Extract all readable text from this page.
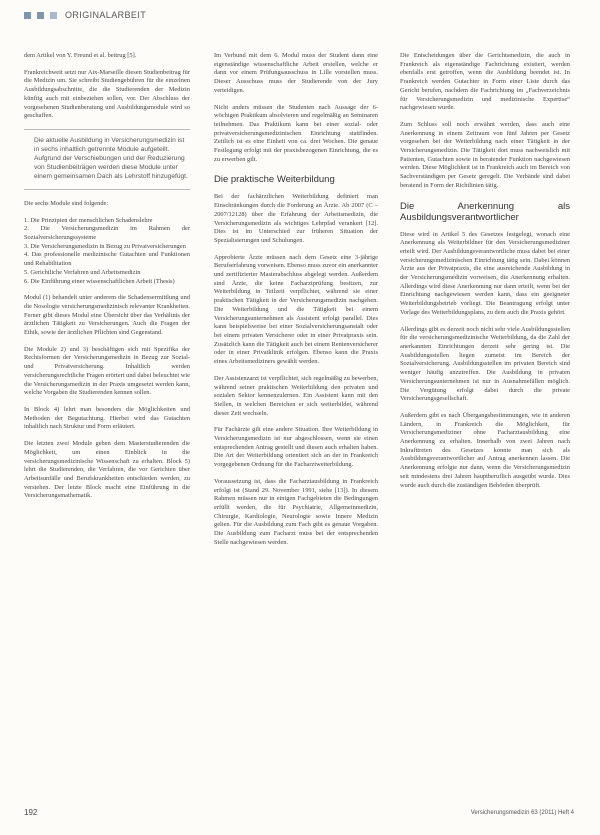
ORIGINALARBEIT

dem Artikel von Y. Freund et al. beitrug [5].

Frankreichweit setzt nur Aix-Marseille diesen Studienbeitrag für die Medizin um. Sie schreibt Studiengebühren für die einzelnen Ausbildungsabschnitte, die die Studierenden der Medizin künftig auch mit einbeziehen sollen, vor. Der Abschluss der vorgesehenen Studienberatung und Ausbildungsmodule wird so geschaffen.

Die aktuelle Ausbildung in Versicherungsmedizin ist in sechs inhaltlich getrennte Module aufgeteilt. Aufgrund der Verschiebungen und der Reduzierung von Studienbeiträgen werden diese Module unter einem gemeinsamen Dach als Lehrstoff hinzugefügt.

Die sechs Module sind folgende:

1. Die Prinzipien der menschlichen Schadenslehre

2. Die Versicherungsmedizin im Rahmen der Sozialversicherungssysteme

3. Die Versicherungsmedizin in Bezug zu Privatversicherungen

4. Das professionelle medizinische Gutachten und Funktionen und Rehabilitation

5. Gerichtliche Verfahren und Arbeitsmedizin

6. Die Einführung einer wissenschaftlichen Arbeit (Thesis)

Modul (1) behandelt unter anderem die Schadensermittlung und die Nosologie versicherungsmedizinisch relevanter Krankheiten. Ferner gibt dieses Modul eine Übersicht über das Verhältnis der ärztlichen Tätigkeit zu Versicherungen. Auch die Fragen der Ethik, sowie der ärztlichen Pflichten sind Gegenstand.

Die Module 2) und 3) beschäftigen sich mit Spezifika der Rechtsformen der Versicherungsmedizin in Bezug zur Sozial- und Privatversicherung. Inhaltlich werden versicherungsrechtliche Fragen erörtert und dabei beleuchtet wie die Versicherungsmedizin in der Praxis umgesetzt werden kann, welche Vorgaben die Studierenden kennen sollen.

In Block 4) lehrt man besonders die Möglichkeiten und Methoden der Begutachtung. Hierbei wird das Gutachten inhaltlich nach Struktur und Form erläutert.

Die letzten zwei Module geben dem Masterstudierenden die Möglichkeit, um einen Einblick in die versicherungsmedizinische Wissenschaft zu erhalten. Block 5) lehrt die Studierenden, die Verfahren, die vor Gerichten über Arbeitsunfälle und Berufskrankheiten entschieden werden, zu verstehen. Der letzte Block macht eine Einführung in die Versicherungsmathematik.

Im Verbund mit dem 6. Modul muss der Student dann eine eigenständige wissenschaftliche Arbeit erstellen, welche er dann vor einem Prüfungsausschuss in Lille vorstellen muss. Dieser Ausschuss muss der Studierende von der Jury verteidigen.

Nicht anders müssen die Studenten nach Aussage der 6-wöchigen Praktikum absolvieren und regelmäßig an Seminaren teilnehmen. Das Praktikum kann bei einer sozial- oder privatversicherungsmedizinischen Einrichtung stattfinden. Zeitlich ist es eine Einheit von ca. drei Wochen. Die genaue Festlegung erfolgt mit der praxisbezogenen Einrichtung, die es zu erwerben gilt.

Die praktische Weiterbildung

Bei der fachärztlichen Weiterbildung definiert man Einschränkungen durch die Forderung an Ärzte. Ab 2007 (C – 2007/12128) über die Erfahrung der Arbeitsmedizin, die Versicherungsmedizin als wichtiges Lehrpfad verankert [12]. Dies ist im Unterschied zur früheren Situation der Spezialisierungen und Schulungen.

Approbierte Ärzte müssen nach dem Gesetz eine 3-jährige Berufserfahrung vorweisen. Ebenso muss zuvor ein anerkannter und zertifizierter Masterabschluss abgelegt werden. Außerdem sind Ärzte, die keine Facharztprüfung besitzen, zur Weiterbildung in Teilzeit verpflichtet, während sie einer praktischen Tätigkeit in der Versicherungsmedizin nachgehen. Die Weiterbildung und die Tätigkeit bei einem Versicherungsunternehmen als Assistent erfolgt parallel. Dies kann beispielsweise bei einer Sozialversicherungsanstalt oder bei einem privaten Versicherer oder in einer Privatpraxis sein. Zusätzlich kann die Tätigkeit auch bei einem Rentenversicherer oder in einer Privatklinik erfolgen. Ebenso kann die Praxis eines Arbeitsmediziners gewählt werden.

Der Assistenzarzt ist verpflichtet, sich regelmäßig zu bewerben, während seiner praktischen Weiterbildung den privaten und sozialen Sektor kennenzulernen. Ein Assistent kann mit den Stellen, in welchen Bereichen er sich weiterbildet, während dieser Zeit wechseln.

Für Fachärzte gilt eine andere Situation. Ihre Weiterbildung in Versicherungsmedizin ist nur abgeschlossen, wenn sie einen entsprechenden Antrag gestellt und diesen auch erhalten haben. Die Art der Weiterbildung orientiert sich an der in Frankreich vorgegebenen Ordnung für die Facharztweiterbildung.

Voraussetzung ist, dass die Facharztausbildung in Frankreich erfolgt ist (Stand 29. November 1991, siehe [13]). In diesem Rahmen müssen nur in einigen Fachgebieten die Bedingungen erfüllt werden, die für Psychiatrie, Allgemeinmedizin, Chirurgie, Kardiologie, Neurologie sowie Innere Medizin gelten. Für die Ausbildung zum Fach gibt es genaue Vorgaben. Die Ausbildung zum Facharzt muss bei der entsprechenden Stelle nachgewiesen werden.

Die Entscheidungen über die Gerichtsmedizin, die auch in Frankreich als eigenständige Fachrichtung existiert, werden ebenfalls erst getroffen, wenn die Ausbildung beendet ist. In Frankreich werden Gutachter in Form einer Liste durch das Gericht berufen, nachdem die Fachrichtung im „Fachverzeichnis für Versicherungsmedizin und medizinische Expertise“ nachgewiesen wurde.

Zum Schluss soll noch erwähnt werden, dass auch eine Anerkennung in einem Zeitraum von fünf Jahren per Gesetz vorgesehen bei der Weiterbildung nach einer Tätigkeit in der Versicherungsmedizin. Die Tätigkeit dort muss nachweislich mit Patienten, Gutachten sowie in beratender Funktion nachgewiesen werden. Diese Möglichkeit ist in Frankreich auch im Bereich von Sachverständigen per Gesetz geregelt. Die Verbände sind dabei beratend in Form der Richtlinien tätig.

Die Anerkennung als Ausbildungsverantwortlicher

Diese wird in Artikel 5 des Gesetzes festgelegt, wonach eine Anerkennung als Weiterbildner für den Versicherungsmediziner erteilt wird. Der Ausbildungsverantwortliche muss dabei bei einer versicherungsmedizinischen Einrichtung tätig sein. Dabei können Ärzte aus der Privatpraxis, die eine ausreichende Ausbildung in der Versicherungsmedizin vorweisen, die Anerkennung erhalten. Allerdings wird diese Anerkennung nur dann erteilt, wenn bei der Einrichtung nachgewiesen werden kann, dass ein geeigneter Weiterbildungsbetrieb vorliegt. Die Beantragung erfolgt unter Vorlage des Weiterbildungsplans, zu dem auch die Praxis gehört.

Allerdings gibt es derzeit noch nicht sehr viele Ausbildungsstellen für die versicherungsmedizinische Weiterbildung, da die Zahl der anerkannten Einrichtungen derzeit sehr gering ist. Die Ausbildungsstellen liegen zumeist im Bereich der Sozialversicherung. Ausbildungsstellen im privaten Bereich sind weniger häufig anzutreffen. Die Ausbildung in privaten Versicherungsunternehmen ist nur in Ausnahmefällen möglich. Die Vergütung erfolgt dabei durch die private Versicherungsgesellschaft.

Außerdem gibt es nach Übergangsbestimmungen, wie in anderen Ländern, in Frankreich die Möglichkeit, für Versicherungsmediziner ohne Facharztausbildung eine Anerkennung zu erhalten. Innerhalb von zwei Jahren nach Inkrafttreten des Gesetzes konnte man sich als Ausbildungsverantwortlicher auf Antrag anerkennen lassen. Die Anerkennung erfolgte nur dann, wenn die Versicherungsmedizin seit mindestens drei Jahren hauptberuflich ausgeübt wurde. Dies wurde auch durch die zuständigen Behörden überprüft.

192	Versicherungsmedizin 63 (2011) Heft 4
